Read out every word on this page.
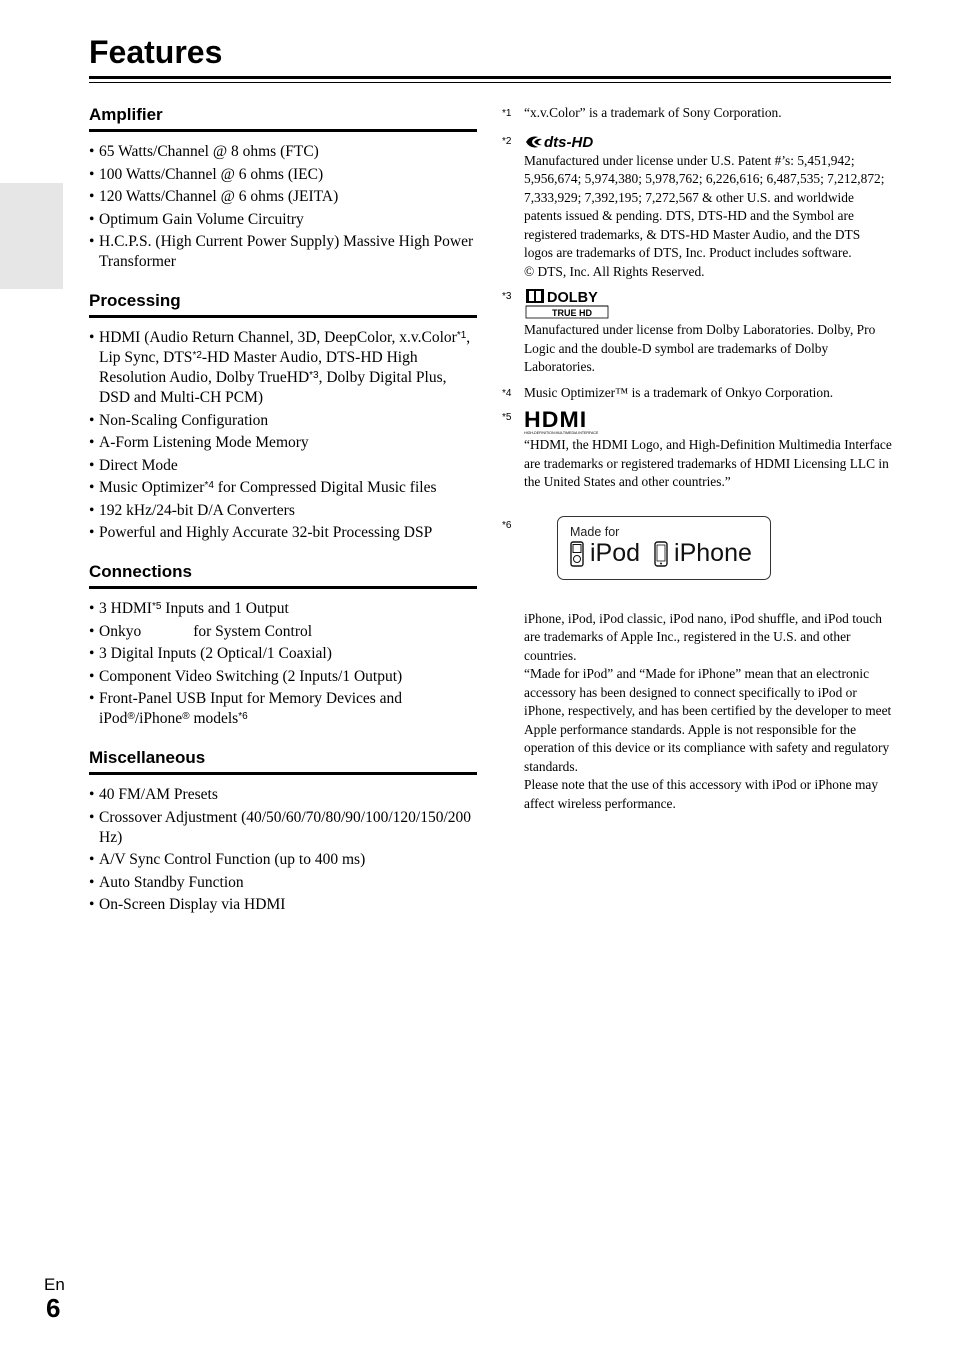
Features
Amplifier
• 65 Watts/Channel @ 8 ohms (FTC)
• 100 Watts/Channel @ 6 ohms (IEC)
• 120 Watts/Channel @ 6 ohms (JEITA)
• Optimum Gain Volume Circuitry
• H.C.P.S. (High Current Power Supply) Massive High Power Transformer
Processing
• HDMI (Audio Return Channel, 3D, DeepColor, x.v.Color$^{*1}$, Lip Sync, DTS$^{*2}$-HD Master Audio, DTS-HD High Resolution Audio, Dolby TrueHD$^{*3}$, Dolby Digital Plus, DSD and Multi-CH PCM)
• Non-Scaling Configuration
• A-Form Listening Mode Memory
• Direct Mode
• Music Optimizer$^{*4}$ for Compressed Digital Music files
• 192 kHz/24-bit D/A Converters
• Powerful and Highly Accurate 32-bit Processing DSP
Connections
• 3 HDMI$^{*5}$ Inputs and 1 Output
• Onkyo	for System Control
• 3 Digital Inputs (2 Optical/1 Coaxial)
• Component Video Switching (2 Inputs/1 Output)
• Front-Panel USB Input for Memory Devices and iPod®/iPhone® models$^{*6}$
Miscellaneous
• 40 FM/AM Presets
• Crossover Adjustment (40/50/60/70/80/90/100/120/150/200 Hz)
• A/V Sync Control Function (up to 400 ms)
• Auto Standby Function
• On-Screen Display via HDMI
*1 “x.v.Color” is a trademark of Sony Corporation.

*2 dts-HD

Manufactured under license under U.S. Patent #’s: 5,451,942; 5,956,674; 5,974,380; 5,978,762; 6,226,616; 6,487,535; 7,212,872; 7,333,929; 7,392,195; 7,272,567 & other U.S. and worldwide patents issued & pending. DTS, DTS-HD and the Symbol are registered trademarks, & DTS-HD Master Audio, and the DTS logos are trademarks of DTS, Inc. Product includes software.

© DTS, Inc. All Rights Reserved.

*3 DOLBY
TRUE HD

Manufactured under license from Dolby Laboratories. Dolby, Pro Logic and the double-D symbol are trademarks of Dolby Laboratories.

*4 Music Optimizer™ is a trademark of Onkyo Corporation.

*5 HDMI
HIGH-DEFINITION MULTIMEDIA INTERFACE

“HDMI, the HDMI Logo, and High-Definition Multimedia Interface are trademarks or registered trademarks of HDMI Licensing LLC in the United States and other countries.”

*6	Made for
iPod iPhone

iPhone, iPod, iPod classic, iPod nano, iPod shuffle, and iPod touch are trademarks of Apple Inc., registered in the U.S. and other countries.

“Made for iPod” and “Made for iPhone” mean that an electronic accessory has been designed to connect specifically to iPod or iPhone, respectively, and has been certified by the developer to meet Apple performance standards. Apple is not responsible for the operation of this device or its compliance with safety and regulatory standards.

Please note that the use of this accessory with iPod or iPhone may affect wireless performance.

En
6
